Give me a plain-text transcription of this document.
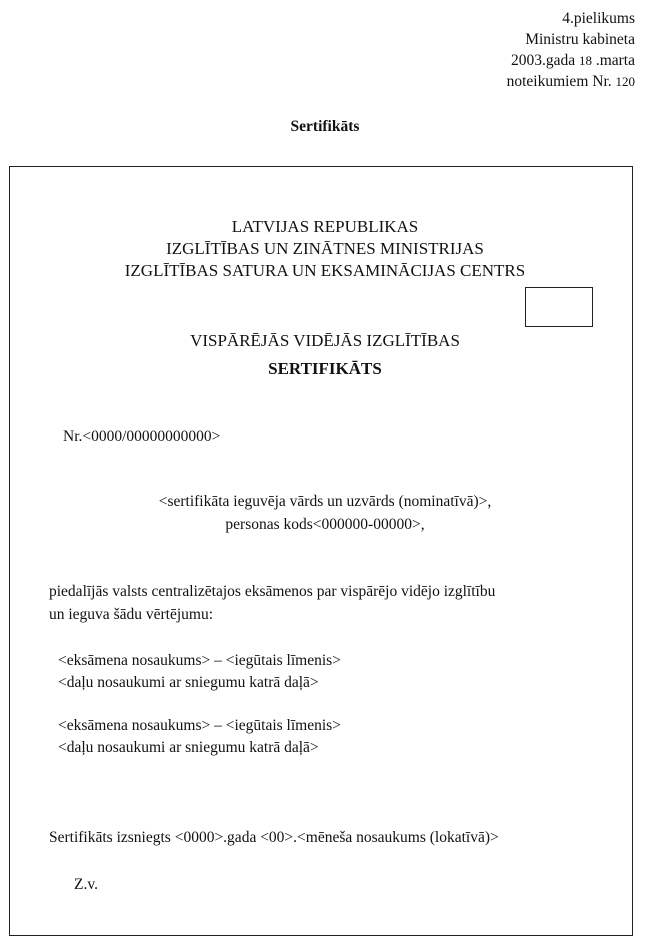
4.pielikums
Ministru kabineta
2003.gada 18 .marta
noteikumiem Nr. 120
Sertifikāts
LATVIJAS REPUBLIKAS
IZGLĪTĪBAS UN ZINĀTNES MINISTRIJAS
IZGLĪTĪBAS SATURA UN EKSAMINĀCIJAS CENTRS
VISPĀRĒJĀS VIDĒJĀS IZGLĪTĪBAS
SERTIFIKĀTS
Nr.<0000/00000000000>
<sertifikāta ieguvēja vārds un uzvārds (nominatīvā)>,
personas kods<000000-00000>,
piedalījās valsts centralizētajos eksāmenos par vispārējo vidējo izglītību
un ieguva šādu vērtējumu:
<eksāmena nosaukums> – <iegūtais līmenis>
<daļu nosaukumi ar sniegumu katrā daļā>
<eksāmena nosaukums> – <iegūtais līmenis>
<daļu nosaukumi ar sniegumu katrā daļā>
Sertifikāts izsniegts <0000>.gada <00>.<mēneša nosaukums (lokatīvā)>
Z.v.
